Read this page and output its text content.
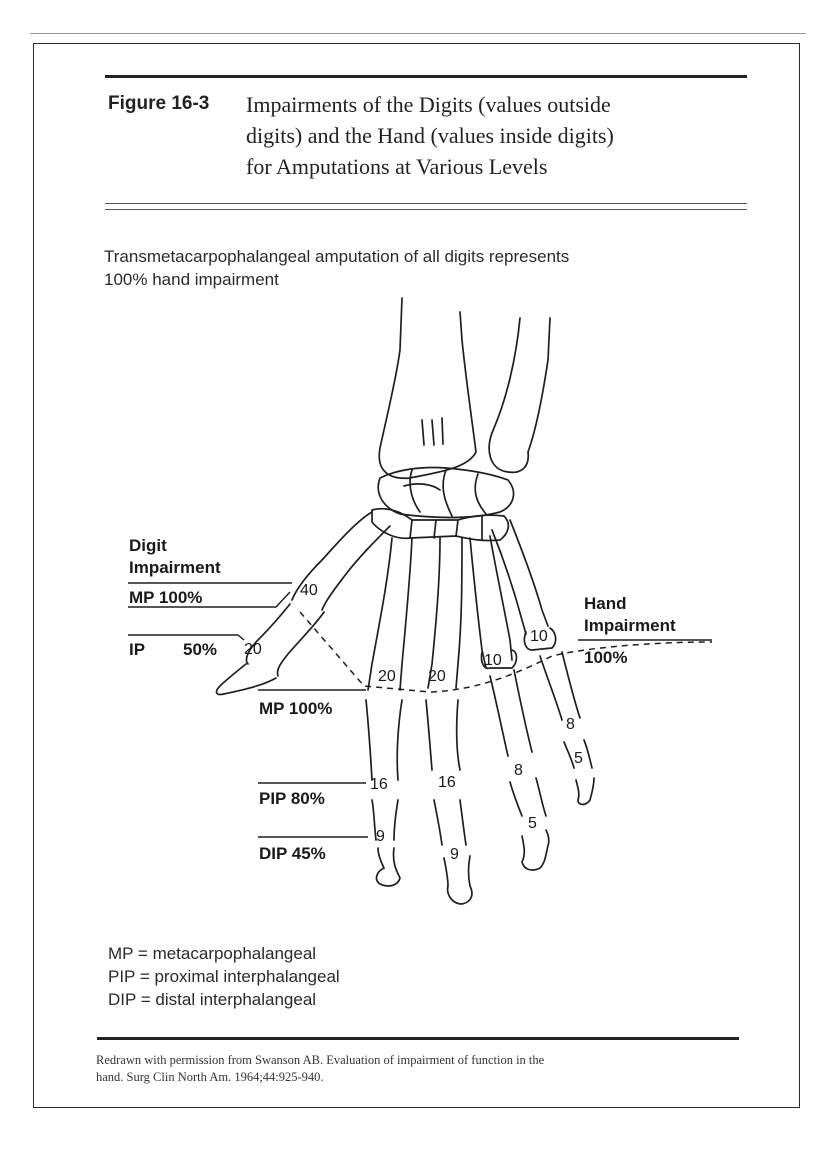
Figure 16-3 Impairments of the Digits (values outside
digits) and the Hand (values inside digits)
for Amputations at Various Levels
Transmetacarpophalangeal amputation of all digits represents
100% hand impairment
Digit
Impairment
MP 100%
IP 50%
MP 100%
PIP 80%
DIP 45%
Hand
Impairment
100%
40
20
20 20
10
10
16	16
8
8
9
9
5
5
MP = metacarpophalangeal
PIP = proximal interphalangeal
DIP = distal interphalangeal
Redrawn with permission from Swanson AB. Evaluation of impairment of function in the
hand. Surg Clin North Am. 1964;44:925-940.
